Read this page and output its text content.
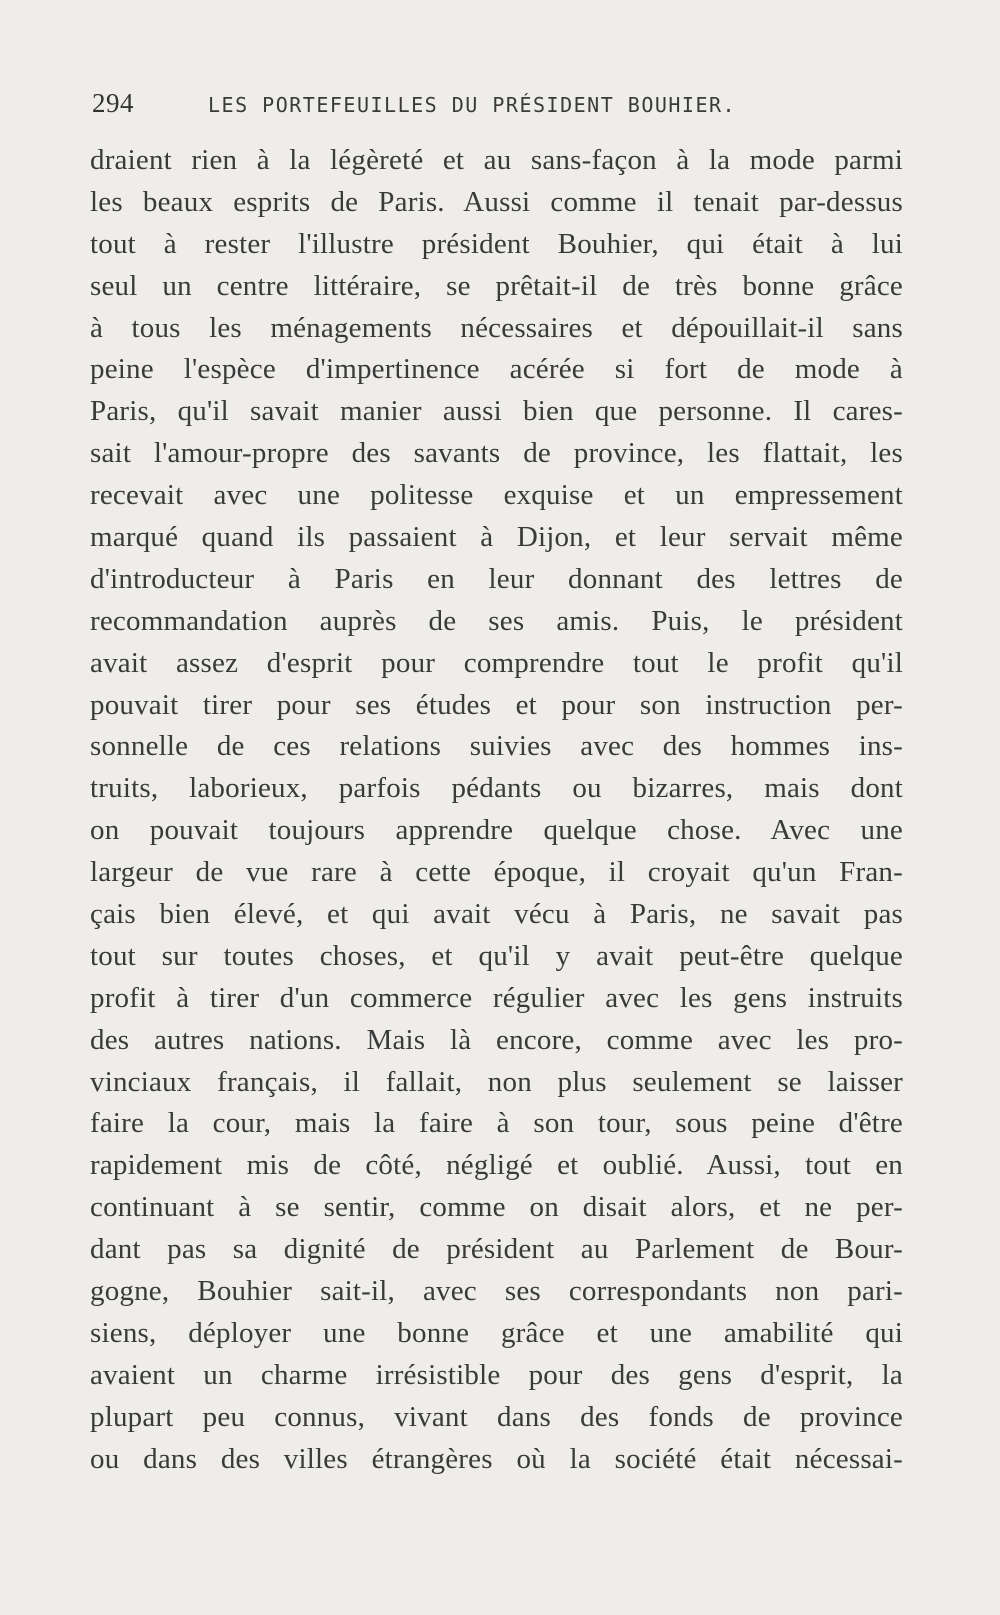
294	LES PORTEFEUILLES DU PRÉSIDENT BOUHIER.
draient rien à la légèreté et au sans-façon à la mode parmi
les beaux esprits de Paris. Aussi comme il tenait par-dessus
tout à rester l'illustre président Bouhier, qui était à lui
seul un centre littéraire, se prêtait-il de très bonne grâce
à tous les ménagements nécessaires et dépouillait-il sans
peine l'espèce d'impertinence acérée si fort de mode à
Paris, qu'il savait manier aussi bien que personne. Il cares-
sait l'amour-propre des savants de province, les flattait, les
recevait avec une politesse exquise et un empressement
marqué quand ils passaient à Dijon, et leur servait même
d'introducteur à Paris en leur donnant des lettres de
recommandation auprès de ses amis. Puis, le président
avait assez d'esprit pour comprendre tout le profit qu'il
pouvait tirer pour ses études et pour son instruction per-
sonnelle de ces relations suivies avec des hommes ins-
truits, laborieux, parfois pédants ou bizarres, mais dont
on pouvait toujours apprendre quelque chose. Avec une
largeur de vue rare à cette époque, il croyait qu'un Fran-
çais bien élevé, et qui avait vécu à Paris, ne savait pas
tout sur toutes choses, et qu'il y avait peut-être quelque
profit à tirer d'un commerce régulier avec les gens instruits
des autres nations. Mais là encore, comme avec les pro-
vinciaux français, il fallait, non plus seulement se laisser
faire la cour, mais la faire à son tour, sous peine d'être
rapidement mis de côté, négligé et oublié. Aussi, tout en
continuant à se sentir, comme on disait alors, et ne per-
dant pas sa dignité de président au Parlement de Bour-
gogne, Bouhier sait-il, avec ses correspondants non pari-
siens, déployer une bonne grâce et une amabilité qui
avaient un charme irrésistible pour des gens d'esprit, la
plupart peu connus, vivant dans des fonds de province
ou dans des villes étrangères où la société était nécessai-
